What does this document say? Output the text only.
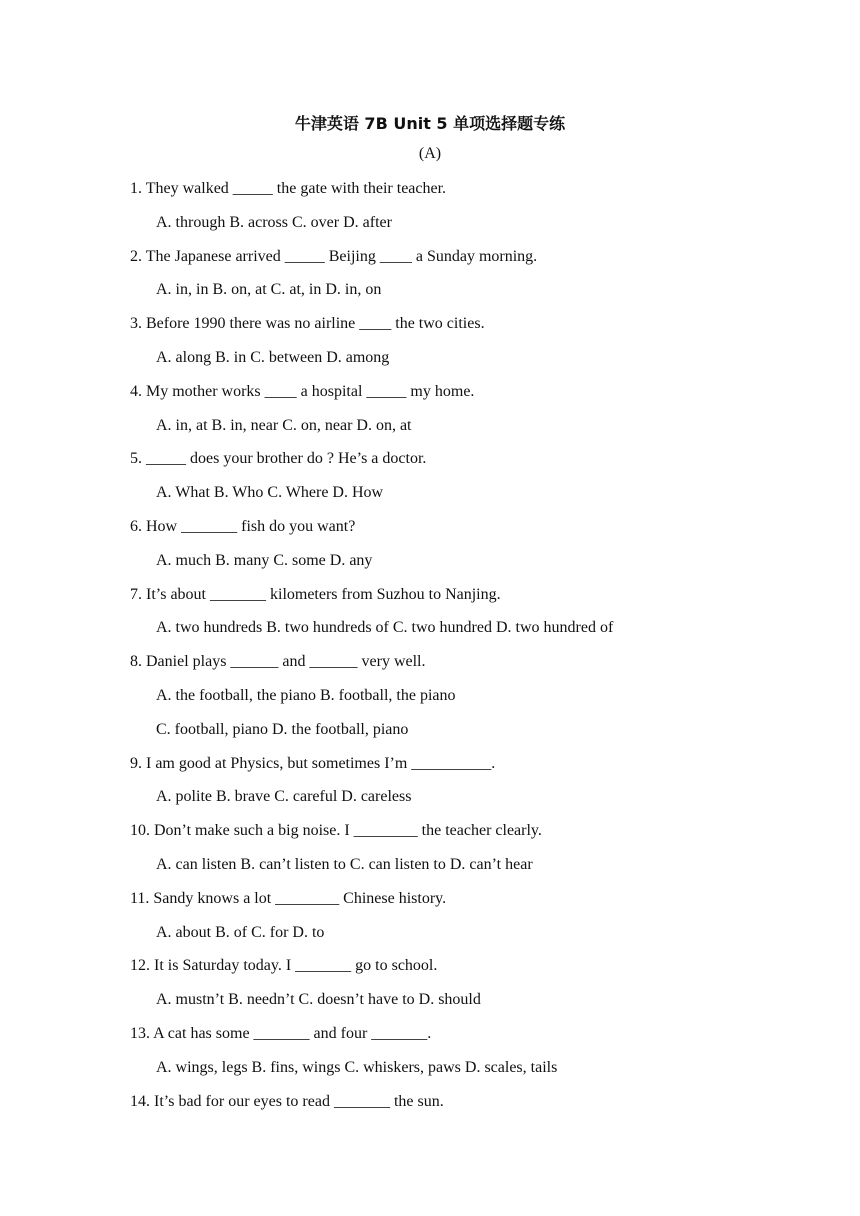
牛津英语 7B Unit 5 单项选择题专练
(A)
1. They walked _____ the gate with their teacher.
A. through B. across C. over D. after
2. The Japanese arrived _____ Beijing ____ a Sunday morning.
A. in, in B. on, at C. at, in D. in, on
3. Before 1990 there was no airline ____ the two cities.
A. along B. in C. between D. among
4. My mother works ____ a hospital _____ my home.
A. in, at B. in, near C. on, near D. on, at
5. _____ does your brother do ? He’s a doctor.
A. What B. Who C. Where D. How
6. How _______ fish do you want?
A. much B. many C. some D. any
7. It’s about _______ kilometers from Suzhou to Nanjing.
A. two hundreds B. two hundreds of C. two hundred D. two hundred of
8. Daniel plays ______ and ______ very well.
A. the football, the piano B. football, the piano
C. football, piano D. the football, piano
9. I am good at Physics, but sometimes I’m __________.
A. polite B. brave C. careful D. careless
10. Don’t make such a big noise. I ________ the teacher clearly.
A. can listen B. can’t listen to C. can listen to D. can’t hear
11. Sandy knows a lot ________ Chinese history.
A. about B. of C. for D. to
12. It is Saturday today. I _______ go to school.
A. mustn’t B. needn’t C. doesn’t have to D. should
13. A cat has some _______ and four _______.
A. wings, legs B. fins, wings C. whiskers, paws D. scales, tails
14. It’s bad for our eyes to read _______ the sun.
